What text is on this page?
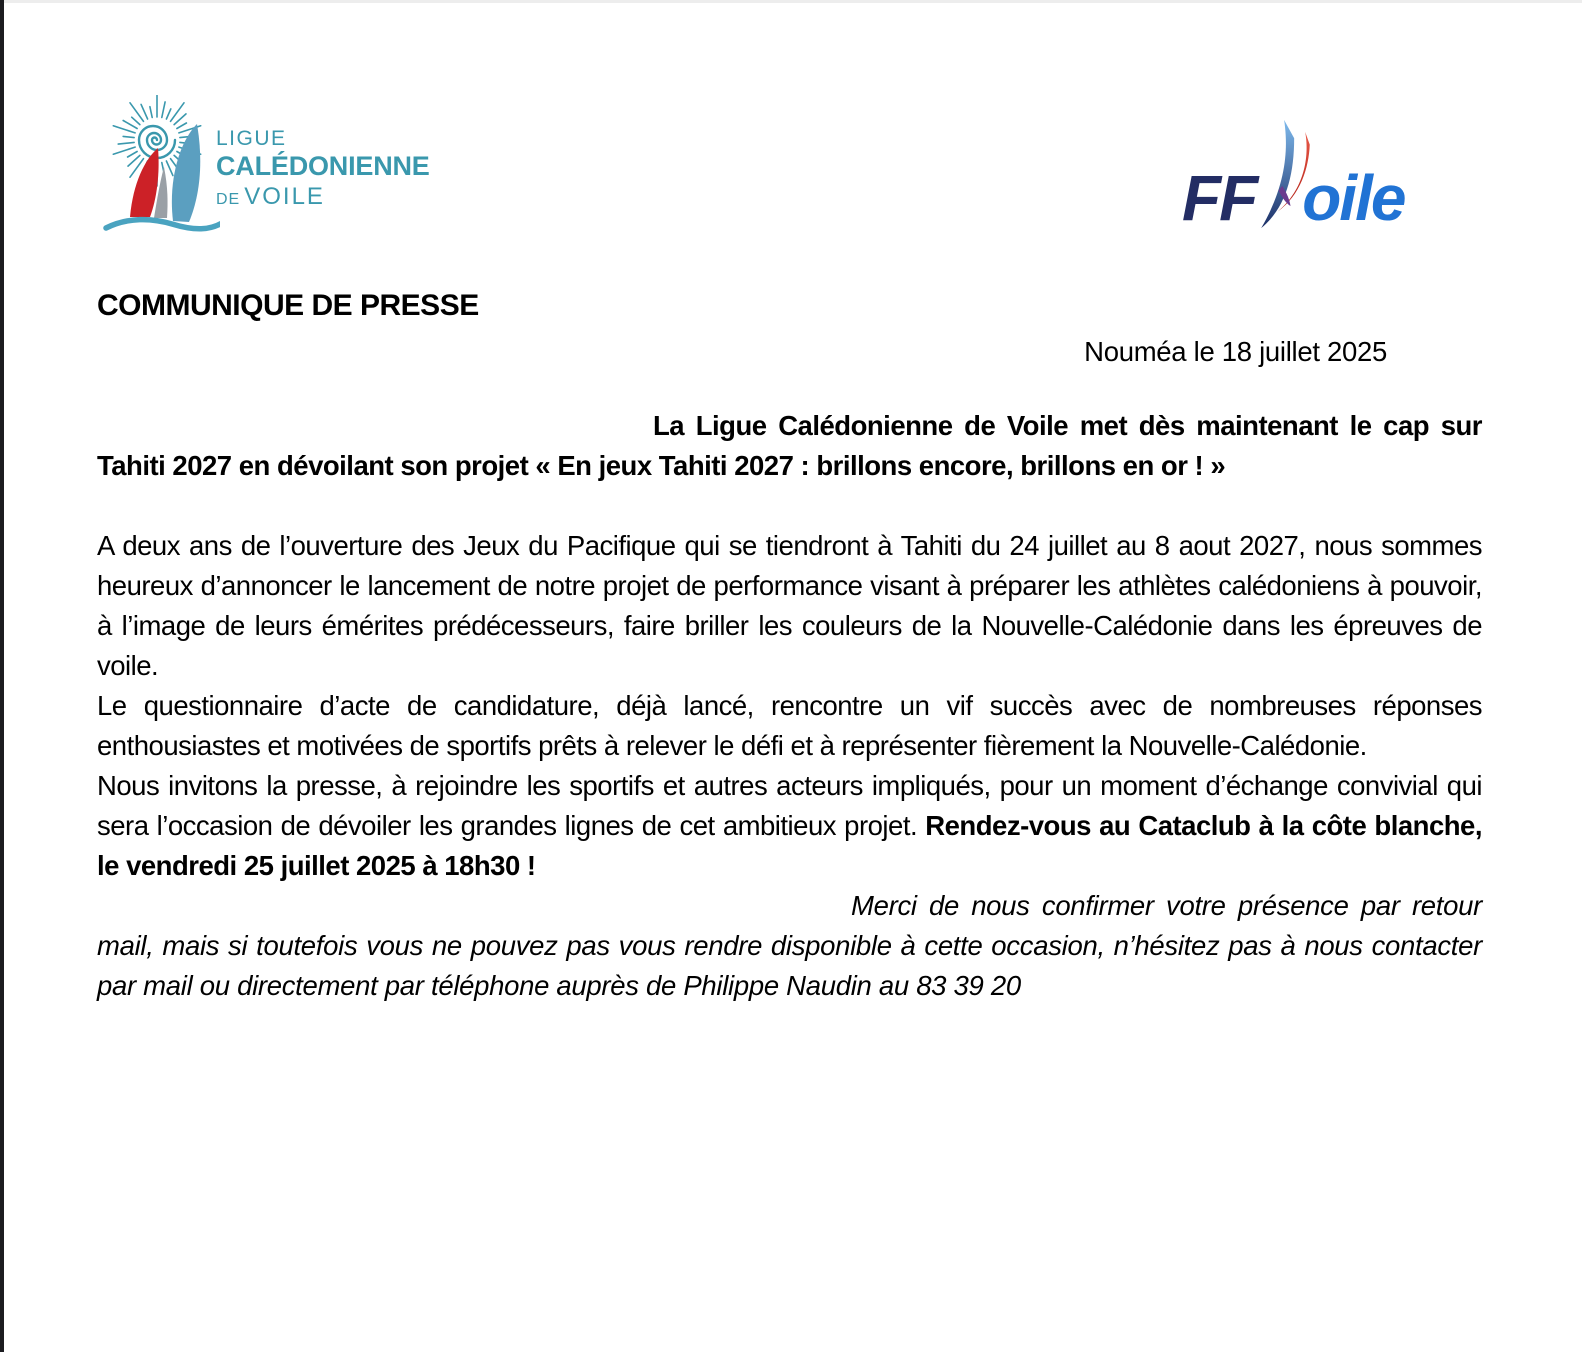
LIGUE
CALÉDONIENNE
DE VOILE	FF oile
COMMUNIQUE DE PRESSE
Nouméa le 18 juillet 2025

La Ligue Calédonienne de Voile met dès maintenant le cap sur Tahiti 2027 en dévoilant son projet « En jeux Tahiti 2027 : brillons encore, brillons en or ! »

A deux ans de l’ouverture des Jeux du Pacifique qui se tiendront à Tahiti du 24 juillet au 8 aout 2027, nous sommes heureux d’annoncer le lancement de notre projet de performance visant à préparer les athlètes calédoniens à pouvoir, à l’image de leurs émérites prédécesseurs, faire briller les couleurs de la Nouvelle-Calédonie dans les épreuves de voile.

Le questionnaire d’acte de candidature, déjà lancé, rencontre un vif succès avec de nombreuses réponses enthousiastes et motivées de sportifs prêts à relever le défi et à représenter fièrement la Nouvelle-Calédonie.

Nous invitons la presse, à rejoindre les sportifs et autres acteurs impliqués, pour un moment d’échange convivial qui sera l’occasion de dévoiler les grandes lignes de cet ambitieux projet. Rendez-vous au Cataclub à la côte blanche, le vendredi 25 juillet 2025 à 18h30 !

Merci de nous confirmer votre présence par retour mail, mais si toutefois vous ne pouvez pas vous rendre disponible à cette occasion, n’hésitez pas à nous contacter par mail ou directement par téléphone auprès de Philippe Naudin au 83 39 20
